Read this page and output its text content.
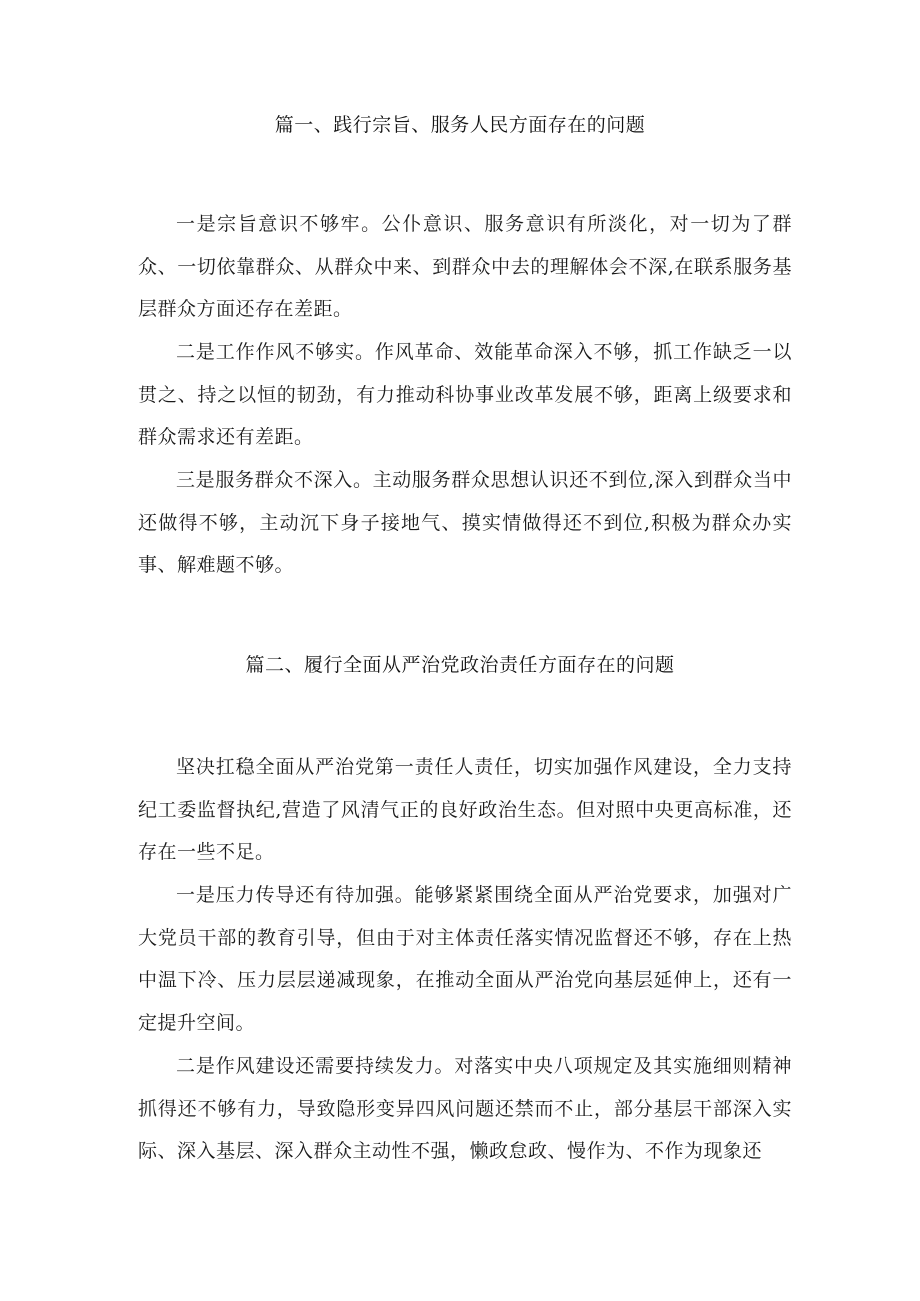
篇一、践行宗旨、服务人民方面存在的问题

一是宗旨意识不够牢。公仆意识、服务意识有所淡化，对一切为了群众、一切依靠群众、从群众中来、到群众中去的理解体会不深,在联系服务基层群众方面还存在差距。

二是工作作风不够实。作风革命、效能革命深入不够，抓工作缺乏一以贯之、持之以恒的韧劲，有力推动科协事业改革发展不够，距离上级要求和群众需求还有差距。

三是服务群众不深入。主动服务群众思想认识还不到位,深入到群众当中还做得不够，主动沉下身子接地气、摸实情做得还不到位,积极为群众办实事、解难题不够。

篇二、履行全面从严治党政治责任方面存在的问题

坚决扛稳全面从严治党第一责任人责任，切实加强作风建设，全力支持纪工委监督执纪,营造了风清气正的良好政治生态。但对照中央更高标准，还存在一些不足。

一是压力传导还有待加强。能够紧紧围绕全面从严治党要求，加强对广大党员干部的教育引导，但由于对主体责任落实情况监督还不够，存在上热中温下冷、压力层层递减现象，在推动全面从严治党向基层延伸上，还有一定提升空间。

二是作风建设还需要持续发力。对落实中央八项规定及其实施细则精神抓得还不够有力，导致隐形变异四风问题还禁而不止，部分基层干部深入实际、深入基层、深入群众主动性不强，懒政怠政、慢作为、不作为现象还
